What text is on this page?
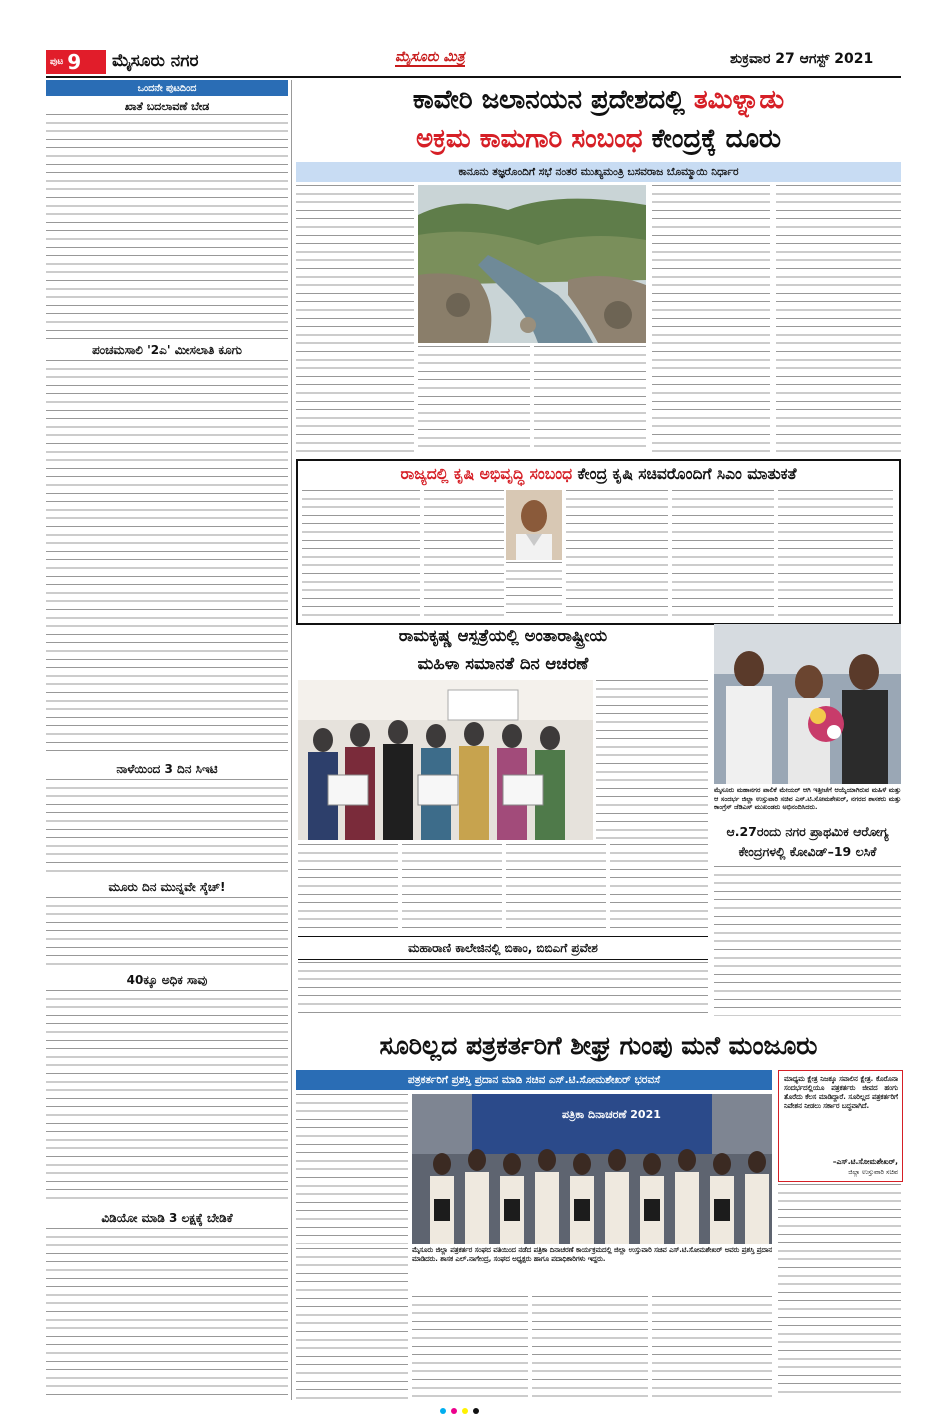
ಪುಟ 9 ಮೈಸೂರು ನಗರ	ಮೈಸೂರು ಮಿತ್ರ	ಶುಕ್ರವಾರ 27 ಆಗಸ್ಟ್ 2021
ಒಂದನೇ ಪುಟದಿಂದ
ಖಾತೆ ಬದಲಾವಣೆ ಬೇಡ
ಪಂಚಮಸಾಲಿ '2ಎ' ಮೀಸಲಾತಿ ಕೂಗು
ನಾಳೆಯಿಂದ 3 ದಿನ ಸಿಇಟಿ
ಮೂರು ದಿನ ಮುನ್ನವೇ ಸ್ಕೆಚ್!
40ಕ್ಕೂ ಅಧಿಕ ಸಾವು
ವಿಡಿಯೋ ಮಾಡಿ 3 ಲಕ್ಷಕ್ಕೆ ಬೇಡಿಕೆ
ಕಾವೇರಿ ಜಲಾನಯನ ಪ್ರದೇಶದಲ್ಲಿ ತಮಿಳ್ನಾಡು
ಅಕ್ರಮ ಕಾಮಗಾರಿ ಸಂಬಂಧ ಕೇಂದ್ರಕ್ಕೆ ದೂರು
ಕಾನೂನು ತಜ್ಞರೊಂದಿಗೆ ಸಭೆ ನಂತರ ಮುಖ್ಯಮಂತ್ರಿ ಬಸವರಾಜ ಬೊಮ್ಮಾಯಿ ನಿರ್ಧಾರ
ರಾಜ್ಯದಲ್ಲಿ ಕೃಷಿ ಅಭಿವೃದ್ಧಿ ಸಂಬಂಧ ಕೇಂದ್ರ ಕೃಷಿ ಸಚಿವರೊಂದಿಗೆ ಸಿಎಂ ಮಾತುಕತೆ
ರಾಮಕೃಷ್ಣ ಆಸ್ಪತ್ರೆಯಲ್ಲಿ ಅಂತಾರಾಷ್ಟ್ರೀಯ
ಮಹಿಳಾ ಸಮಾನತೆ ದಿನ ಆಚರಣೆ
ಮೈಸೂರು ಮಹಾನಗರ ಪಾಲಿಕೆ ಮೇಯರ್ ಆಗಿ ಇತ್ತೀಚೆಗೆ ಆಯ್ಕೆಯಾಗಿರುವ ಮಹಿಳೆ ಮತ್ತು ಆ ಸಂದರ್ಭ ಜಿಲ್ಲಾ ಉಸ್ತುವಾರಿ ಸಚಿವ ಎಸ್.ಟಿ.ಸೋಮಶೇಖರ್, ನಗರದ ಶಾಸಕರು ಮತ್ತು ಕಾಂಗ್ರೆಸ್ ಜೆಡಿಎಸ್ ಮುಖಂಡರು ಅಭಿನಂದಿಸಿದರು.
ಆ.27ರಂದು ನಗರ ಪ್ರಾಥಮಿಕ ಆರೋಗ್ಯ
ಕೇಂದ್ರಗಳಲ್ಲಿ ಕೋವಿಡ್–19 ಲಸಿಕೆ
ಮಹಾರಾಣಿ ಕಾಲೇಜಿನಲ್ಲಿ ಬಿಕಾಂ, ಬಿಬಿಎಗೆ ಪ್ರವೇಶ
ಸೂರಿಲ್ಲದ ಪತ್ರಕರ್ತರಿಗೆ ಶೀಘ್ರ ಗುಂಪು ಮನೆ ಮಂಜೂರು
ಪತ್ರಕರ್ತರಿಗೆ ಪ್ರಶಸ್ತಿ ಪ್ರದಾನ ಮಾಡಿ ಸಚಿವ ಎಸ್.ಟಿ.ಸೋಮಶೇಖರ್ ಭರವಸೆ
ಪತ್ರಿಕಾ ದಿನಾಚರಣೆ 2021
ಮೈಸೂರು ಜಿಲ್ಲಾ ಪತ್ರಕರ್ತರ ಸಂಘದ ವತಿಯಿಂದ ನಡೆದ ಪತ್ರಿಕಾ ದಿನಾಚರಣೆ ಕಾರ್ಯಕ್ರಮದಲ್ಲಿ ಜಿಲ್ಲಾ ಉಸ್ತುವಾರಿ ಸಚಿವ ಎಸ್.ಟಿ.ಸೋಮಶೇಖರ್ ಅವರು ಪ್ರಶಸ್ತಿ ಪ್ರದಾನ ಮಾಡಿದರು. ಶಾಸಕ ಎಲ್.ನಾಗೇಂದ್ರ, ಸಂಘದ ಅಧ್ಯಕ್ಷರು ಹಾಗೂ ಪದಾಧಿಕಾರಿಗಳು ಇದ್ದರು.
ಮಾಧ್ಯಮ ಕ್ಷೇತ್ರ ನಿಜಕ್ಕೂ ಸವಾಲಿನ ಕ್ಷೇತ್ರ. ಕೊರೊನಾ ಸಂದರ್ಭದಲ್ಲಿಯೂ ಪತ್ರಕರ್ತರು ಜೀವದ ಹಂಗು ತೊರೆದು ಕೆಲಸ ಮಾಡಿದ್ದಾರೆ. ಸೂರಿಲ್ಲದ ಪತ್ರಕರ್ತರಿಗೆ ನಿವೇಶನ ನೀಡಲು ಸರ್ಕಾರ ಬದ್ಧವಾಗಿದೆ.
–ಎಸ್.ಟಿ.ಸೋಮಶೇಖರ್,
ಜಿಲ್ಲಾ ಉಸ್ತುವಾರಿ ಸಚಿವ
